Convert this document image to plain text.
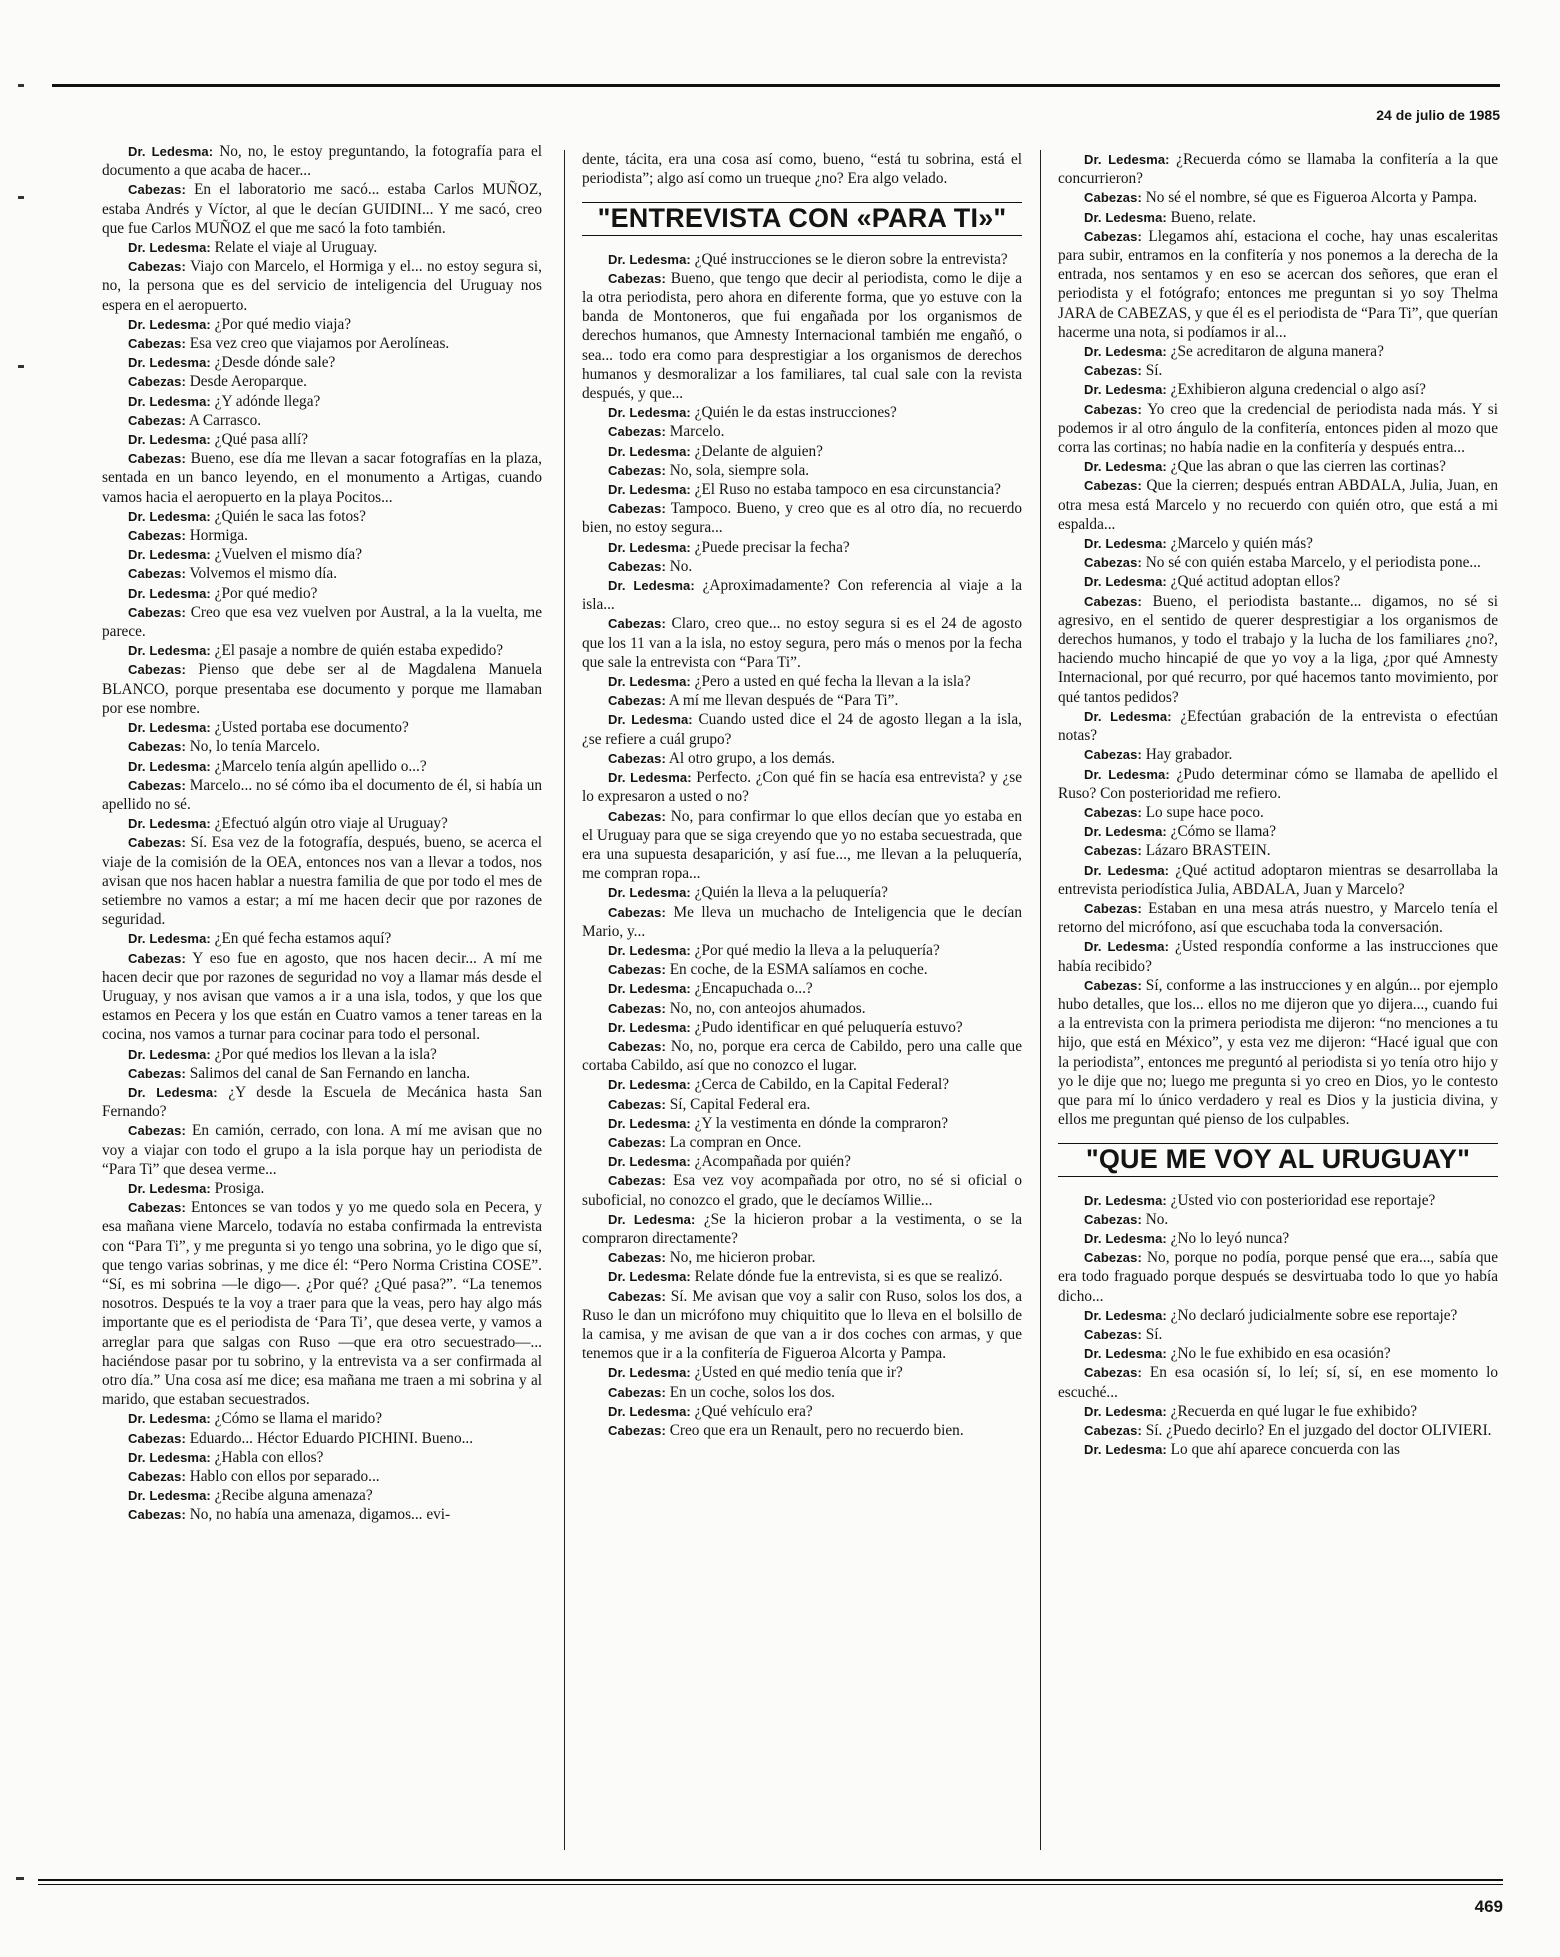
24 de julio de 1985

Dr. Ledesma: No, no, le estoy preguntando, la fotografía para el documento a que acaba de hacer...

Cabezas: En el laboratorio me sacó... estaba Carlos MUÑOZ, estaba Andrés y Víctor, al que le decían GUIDINI... Y me sacó, creo que fue Carlos MUÑOZ el que me sacó la foto también.

Dr. Ledesma: Relate el viaje al Uruguay.

Cabezas: Viajo con Marcelo, el Hormiga y el... no estoy segura si, no, la persona que es del servicio de inteligencia del Uruguay nos espera en el aeropuerto.

Dr. Ledesma: ¿Por qué medio viaja?

Cabezas: Esa vez creo que viajamos por Aerolíneas.

Dr. Ledesma: ¿Desde dónde sale?

Cabezas: Desde Aeroparque.

Dr. Ledesma: ¿Y adónde llega?

Cabezas: A Carrasco.

Dr. Ledesma: ¿Qué pasa allí?

Cabezas: Bueno, ese día me llevan a sacar fotografías en la plaza, sentada en un banco leyendo, en el monumento a Artigas, cuando vamos hacia el aeropuerto en la playa Pocitos...

Dr. Ledesma: ¿Quién le saca las fotos?

Cabezas: Hormiga.

Dr. Ledesma: ¿Vuelven el mismo día?

Cabezas: Volvemos el mismo día.

Dr. Ledesma: ¿Por qué medio?

Cabezas: Creo que esa vez vuelven por Austral, a la la vuelta, me parece.

Dr. Ledesma: ¿El pasaje a nombre de quién estaba expedido?

Cabezas: Pienso que debe ser al de Magdalena Manuela BLANCO, porque presentaba ese documento y porque me llamaban por ese nombre.

Dr. Ledesma: ¿Usted portaba ese documento?

Cabezas: No, lo tenía Marcelo.

Dr. Ledesma: ¿Marcelo tenía algún apellido o...?

Cabezas: Marcelo... no sé cómo iba el documento de él, si había un apellido no sé.

Dr. Ledesma: ¿Efectuó algún otro viaje al Uruguay?

Cabezas: Sí. Esa vez de la fotografía, después, bueno, se acerca el viaje de la comisión de la OEA, entonces nos van a llevar a todos, nos avisan que nos hacen hablar a nuestra familia de que por todo el mes de setiembre no vamos a estar; a mí me hacen decir que por razones de seguridad.

Dr. Ledesma: ¿En qué fecha estamos aquí?

Cabezas: Y eso fue en agosto, que nos hacen decir... A mí me hacen decir que por razones de seguridad no voy a llamar más desde el Uruguay, y nos avisan que vamos a ir a una isla, todos, y que los que estamos en Pecera y los que están en Cuatro vamos a tener tareas en la cocina, nos vamos a turnar para cocinar para todo el personal.

Dr. Ledesma: ¿Por qué medios los llevan a la isla?

Cabezas: Salimos del canal de San Fernando en lancha.

Dr. Ledesma: ¿Y desde la Escuela de Mecánica hasta San Fernando?

Cabezas: En camión, cerrado, con lona. A mí me avisan que no voy a viajar con todo el grupo a la isla porque hay un periodista de “Para Ti” que desea verme...

Dr. Ledesma: Prosiga.

Cabezas: Entonces se van todos y yo me quedo sola en Pecera, y esa mañana viene Marcelo, todavía no estaba confirmada la entrevista con “Para Ti”, y me pregunta si yo tengo una sobrina, yo le digo que sí, que tengo varias sobrinas, y me dice él: “Pero Norma Cristina COSE”. “Sí, es mi sobrina —le digo—. ¿Por qué? ¿Qué pasa?”. “La tenemos nosotros. Después te la voy a traer para que la veas, pero hay algo más importante que es el periodista de ‘Para Ti’, que desea verte, y vamos a arreglar para que salgas con Ruso —que era otro secuestrado—... haciéndose pasar por tu sobrino, y la entrevista va a ser confirmada al otro día.” Una cosa así me dice; esa mañana me traen a mi sobrina y al marido, que estaban secuestrados.

Dr. Ledesma: ¿Cómo se llama el marido?

Cabezas: Eduardo... Héctor Eduardo PICHINI. Bueno...

Dr. Ledesma: ¿Habla con ellos?

Cabezas: Hablo con ellos por separado...

Dr. Ledesma: ¿Recibe alguna amenaza?

Cabezas: No, no había una amenaza, digamos... evi-

dente, tácita, era una cosa así como, bueno, “está tu sobrina, está el periodista”; algo así como un trueque ¿no? Era algo velado.

"ENTREVISTA CON «PARA TI»"

Dr. Ledesma: ¿Qué instrucciones se le dieron sobre la entrevista?

Cabezas: Bueno, que tengo que decir al periodista, como le dije a la otra periodista, pero ahora en diferente forma, que yo estuve con la banda de Montoneros, que fui engañada por los organismos de derechos humanos, que Amnesty Internacional también me engañó, o sea... todo era como para desprestigiar a los organismos de derechos humanos y desmoralizar a los familiares, tal cual sale con la revista después, y que...

Dr. Ledesma: ¿Quién le da estas instrucciones?

Cabezas: Marcelo.

Dr. Ledesma: ¿Delante de alguien?

Cabezas: No, sola, siempre sola.

Dr. Ledesma: ¿El Ruso no estaba tampoco en esa circunstancia?

Cabezas: Tampoco. Bueno, y creo que es al otro día, no recuerdo bien, no estoy segura...

Dr. Ledesma: ¿Puede precisar la fecha?

Cabezas: No.

Dr. Ledesma: ¿Aproximadamente? Con referencia al viaje a la isla...

Cabezas: Claro, creo que... no estoy segura si es el 24 de agosto que los 11 van a la isla, no estoy segura, pero más o menos por la fecha que sale la entrevista con “Para Ti”.

Dr. Ledesma: ¿Pero a usted en qué fecha la llevan a la isla?

Cabezas: A mí me llevan después de “Para Ti”.

Dr. Ledesma: Cuando usted dice el 24 de agosto llegan a la isla, ¿se refiere a cuál grupo?

Cabezas: Al otro grupo, a los demás.

Dr. Ledesma: Perfecto. ¿Con qué fin se hacía esa entrevista? y ¿se lo expresaron a usted o no?

Cabezas: No, para confirmar lo que ellos decían que yo estaba en el Uruguay para que se siga creyendo que yo no estaba secuestrada, que era una supuesta desaparición, y así fue..., me llevan a la peluquería, me compran ropa...

Dr. Ledesma: ¿Quién la lleva a la peluquería?

Cabezas: Me lleva un muchacho de Inteligencia que le decían Mario, y...

Dr. Ledesma: ¿Por qué medio la lleva a la peluquería?

Cabezas: En coche, de la ESMA salíamos en coche.

Dr. Ledesma: ¿Encapuchada o...?

Cabezas: No, no, con anteojos ahumados.

Dr. Ledesma: ¿Pudo identificar en qué peluquería estuvo?

Cabezas: No, no, porque era cerca de Cabildo, pero una calle que cortaba Cabildo, así que no conozco el lugar.

Dr. Ledesma: ¿Cerca de Cabildo, en la Capital Federal?

Cabezas: Sí, Capital Federal era.

Dr. Ledesma: ¿Y la vestimenta en dónde la compraron?

Cabezas: La compran en Once.

Dr. Ledesma: ¿Acompañada por quién?

Cabezas: Esa vez voy acompañada por otro, no sé si oficial o suboficial, no conozco el grado, que le decíamos Willie...

Dr. Ledesma: ¿Se la hicieron probar a la vestimenta, o se la compraron directamente?

Cabezas: No, me hicieron probar.

Dr. Ledesma: Relate dónde fue la entrevista, si es que se realizó.

Cabezas: Sí. Me avisan que voy a salir con Ruso, solos los dos, a Ruso le dan un micrófono muy chiquitito que lo lleva en el bolsillo de la camisa, y me avisan de que van a ir dos coches con armas, y que tenemos que ir a la confitería de Figueroa Alcorta y Pampa.

Dr. Ledesma: ¿Usted en qué medio tenía que ir?

Cabezas: En un coche, solos los dos.

Dr. Ledesma: ¿Qué vehículo era?

Cabezas: Creo que era un Renault, pero no recuerdo bien.

Dr. Ledesma: ¿Recuerda cómo se llamaba la confitería a la que concurrieron?

Cabezas: No sé el nombre, sé que es Figueroa Alcorta y Pampa.

Dr. Ledesma: Bueno, relate.

Cabezas: Llegamos ahí, estaciona el coche, hay unas escaleritas para subir, entramos en la confitería y nos ponemos a la derecha de la entrada, nos sentamos y en eso se acercan dos señores, que eran el periodista y el fotógrafo; entonces me preguntan si yo soy Thelma JARA de CABEZAS, y que él es el periodista de “Para Ti”, que querían hacerme una nota, si podíamos ir al...

Dr. Ledesma: ¿Se acreditaron de alguna manera?

Cabezas: Sí.

Dr. Ledesma: ¿Exhibieron alguna credencial o algo así?

Cabezas: Yo creo que la credencial de periodista nada más. Y si podemos ir al otro ángulo de la confitería, entonces piden al mozo que corra las cortinas; no había nadie en la confitería y después entra...

Dr. Ledesma: ¿Que las abran o que las cierren las cortinas?

Cabezas: Que la cierren; después entran ABDALA, Julia, Juan, en otra mesa está Marcelo y no recuerdo con quién otro, que está a mi espalda...

Dr. Ledesma: ¿Marcelo y quién más?

Cabezas: No sé con quién estaba Marcelo, y el periodista pone...

Dr. Ledesma: ¿Qué actitud adoptan ellos?

Cabezas: Bueno, el periodista bastante... digamos, no sé si agresivo, en el sentido de querer desprestigiar a los organismos de derechos humanos, y todo el trabajo y la lucha de los familiares ¿no?, haciendo mucho hincapié de que yo voy a la liga, ¿por qué Amnesty Internacional, por qué recurro, por qué hacemos tanto movimiento, por qué tantos pedidos?

Dr. Ledesma: ¿Efectúan grabación de la entrevista o efectúan notas?

Cabezas: Hay grabador.

Dr. Ledesma: ¿Pudo determinar cómo se llamaba de apellido el Ruso? Con posterioridad me refiero.

Cabezas: Lo supe hace poco.

Dr. Ledesma: ¿Cómo se llama?

Cabezas: Lázaro BRASTEIN.

Dr. Ledesma: ¿Qué actitud adoptaron mientras se desarrollaba la entrevista periodística Julia, ABDALA, Juan y Marcelo?

Cabezas: Estaban en una mesa atrás nuestro, y Marcelo tenía el retorno del micrófono, así que escuchaba toda la conversación.

Dr. Ledesma: ¿Usted respondía conforme a las instrucciones que había recibido?

Cabezas: Sí, conforme a las instrucciones y en algún... por ejemplo hubo detalles, que los... ellos no me dijeron que yo dijera..., cuando fui a la entrevista con la primera periodista me dijeron: “no menciones a tu hijo, que está en México”, y esta vez me dijeron: “Hacé igual que con la periodista”, entonces me preguntó al periodista si yo tenía otro hijo y yo le dije que no; luego me pregunta si yo creo en Dios, yo le contesto que para mí lo único verdadero y real es Dios y la justicia divina, y ellos me preguntan qué pienso de los culpables.

"QUE ME VOY AL URUGUAY"

Dr. Ledesma: ¿Usted vio con posterioridad ese reportaje?

Cabezas: No.

Dr. Ledesma: ¿No lo leyó nunca?

Cabezas: No, porque no podía, porque pensé que era..., sabía que era todo fraguado porque después se desvirtuaba todo lo que yo había dicho...

Dr. Ledesma: ¿No declaró judicialmente sobre ese reportaje?

Cabezas: Sí.

Dr. Ledesma: ¿No le fue exhibido en esa ocasión?

Cabezas: En esa ocasión sí, lo leí; sí, sí, en ese momento lo escuché...

Dr. Ledesma: ¿Recuerda en qué lugar le fue exhibido?

Cabezas: Sí. ¿Puedo decirlo? En el juzgado del doctor OLIVIERI.

Dr. Ledesma: Lo que ahí aparece concuerda con las

469
